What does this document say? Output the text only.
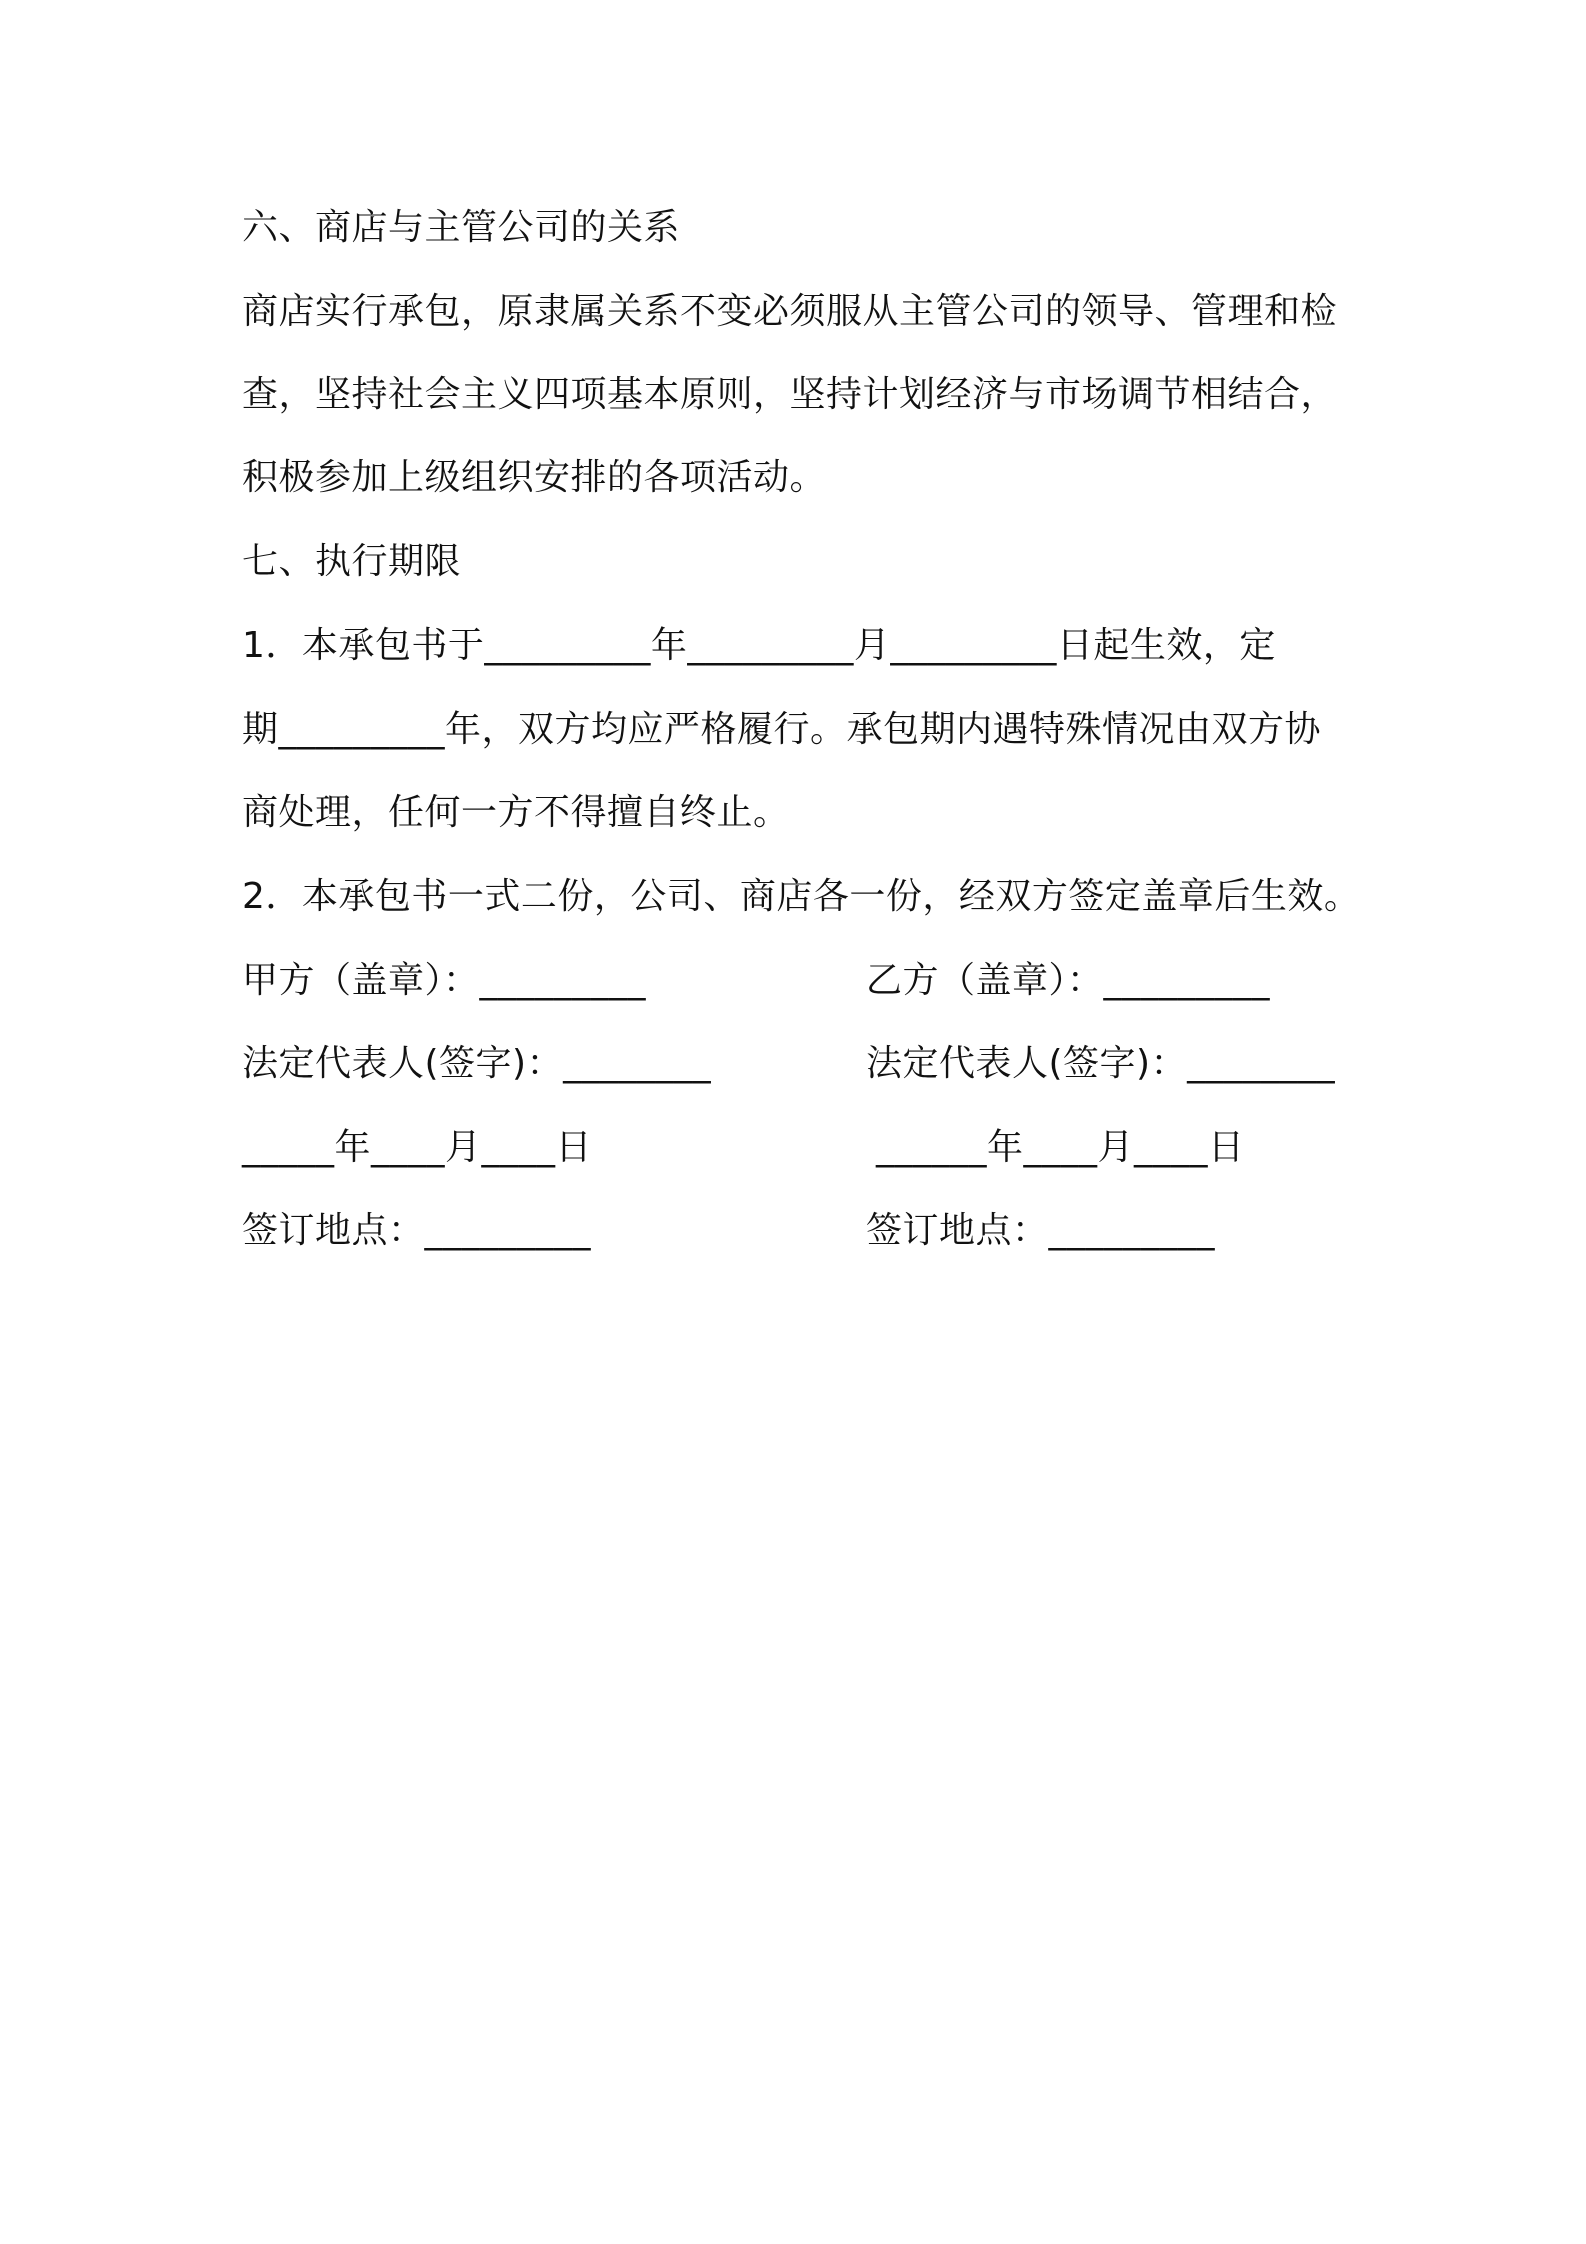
六、商店与主管公司的关系
商店实行承包，原隶属关系不变必须服从主管公司的领导、管理和检
查，坚持社会主义四项基本原则，坚持计划经济与市场调节相结合，
积极参加上级组织安排的各项活动。
七、执行期限
1．本承包书于_________年_________月_________日起生效，定
期_________年，双方均应严格履行。承包期内遇特殊情况由双方协
商处理，任何一方不得擅自终止。
2．本承包书一式二份，公司、商店各一份，经双方签定盖章后生效。
甲方（盖章）：_________	乙方（盖章）：_________
法定代表人(签字)：________	法定代表人(签字)：________
_____年____月____日	______年____月____日
签订地点：_________	签订地点：_________
